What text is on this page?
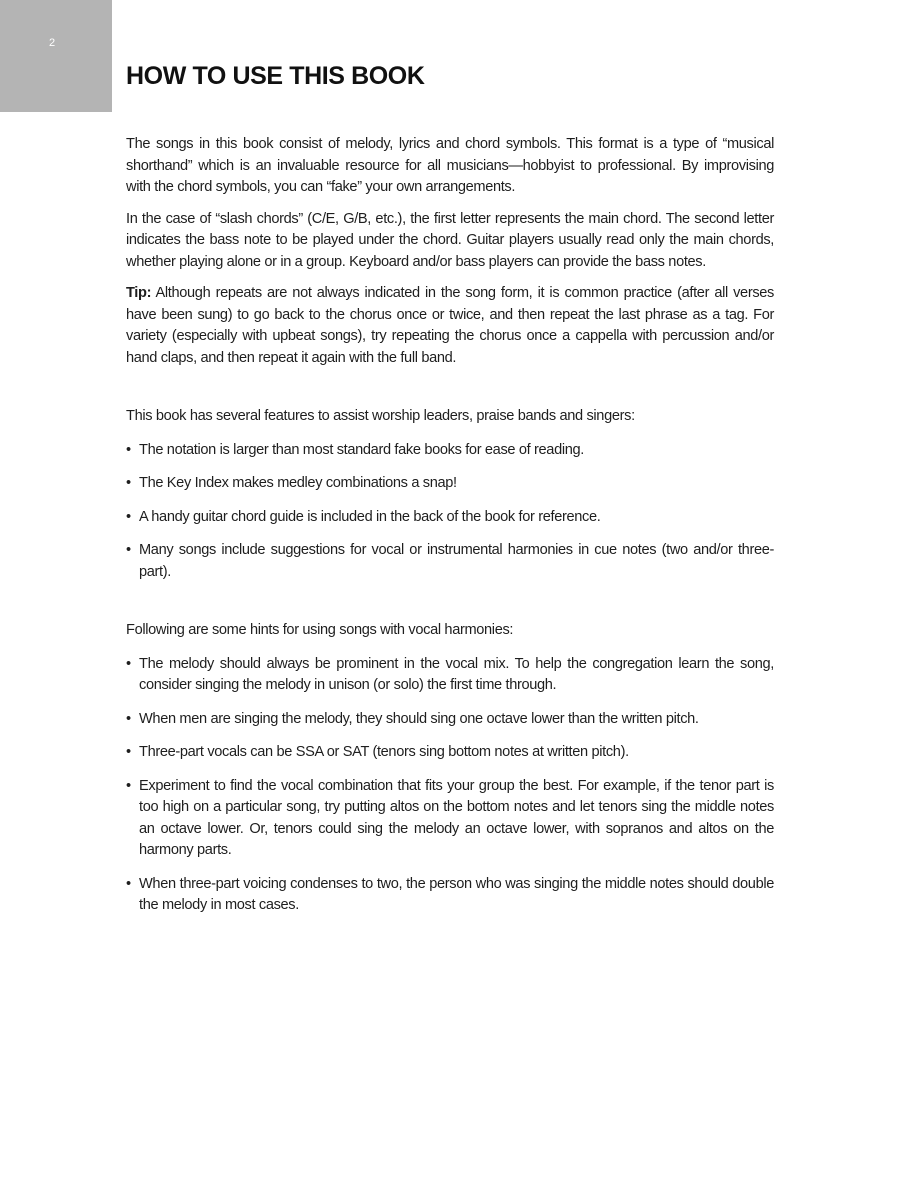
2
HOW TO USE THIS BOOK

The songs in this book consist of melody, lyrics and chord symbols. This format is a type of “musical shorthand” which is an invaluable resource for all musicians—hobbyist to professional. By improvising with the chord symbols, you can “fake” your own arrangements.

In the case of “slash chords” (C/E, G/B, etc.), the first letter represents the main chord. The second letter indicates the bass note to be played under the chord. Guitar players usually read only the main chords, whether playing alone or in a group. Keyboard and/or bass players can provide the bass notes.

Tip: Although repeats are not always indicated in the song form, it is common practice (after all verses have been sung) to go back to the chorus once or twice, and then repeat the last phrase as a tag. For variety (especially with upbeat songs), try repeating the chorus once a cappella with percussion and/or hand claps, and then repeat it again with the full band.

This book has several features to assist worship leaders, praise bands and singers:

• The notation is larger than most standard fake books for ease of reading.
• The Key Index makes medley combinations a snap!
• A handy guitar chord guide is included in the back of the book for reference.
• Many songs include suggestions for vocal or instrumental harmonies in cue notes (two and/or three-part).

Following are some hints for using songs with vocal harmonies:

• The melody should always be prominent in the vocal mix. To help the congregation learn the song, consider singing the melody in unison (or solo) the first time through.
• When men are singing the melody, they should sing one octave lower than the written pitch.
• Three-part vocals can be SSA or SAT (tenors sing bottom notes at written pitch).
• Experiment to find the vocal combination that fits your group the best. For example, if the tenor part is too high on a particular song, try putting altos on the bottom notes and let tenors sing the middle notes an octave lower. Or, tenors could sing the melody an octave lower, with sopranos and altos on the harmony parts.
• When three-part voicing condenses to two, the person who was singing the middle notes should double the melody in most cases.
